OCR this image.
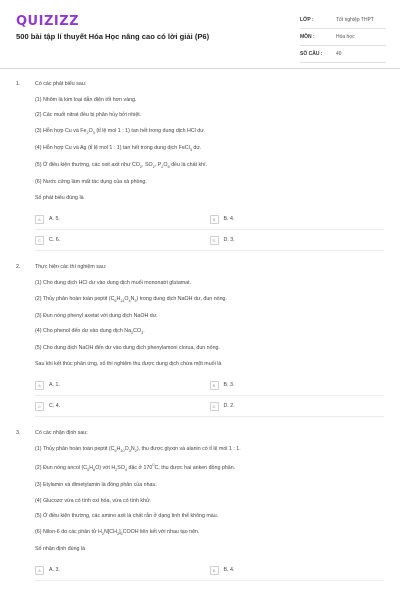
QUIZIZZ
500 bài tập lí thuyết Hóa Học nâng cao có lời giải (P6)
LỚP :	Tốt nghiệp THPT
MÔN :	Hóa học
SỐ CÂU :	40
1.	Có các phát biểu sau:
(1) Nhôm là kim loại dẫn điện tốt hơn vàng.
(2) Các muối nitrat đều bị phân hủy bởi nhiệt.
(3) Hỗn hợp Cu và $Fe_2O_3$ (tỉ lệ mol 1 : 1) tan hết trong dung dịch HCl dư.
(4) Hỗn hợp Cu và Ag (tỉ lệ mol 1 : 1) tan hết trong dung dịch FeCl$_3$ dư.
(5) Ở điều kiện thường, các oxit axit như $CO_2$, $SO_2$, $P_2O_5$ đều là chất khí.
(6) Nước cứng làm mất tác dụng của xà phòng.
Số phát biểu đúng là
A	A. 5.	B	B. 4.
C	C. 6.	D	D. 3.
2.	Thực hiện các thí nghiệm sau:
(1) Cho dung dịch HCl dư vào dung dịch muối mononatri glutamat.
(2) Thủy phân hoàn toàn peptit $(C_6H_{11}O_4N_3)$ trong dung dịch NaOH dư, đun nóng.
(3) Đun nóng phenyl axetat với dung dịch NaOH dư.
(4) Cho phenol đến dư vào dung dịch $Na_2CO_3$.
(5) Cho dung dịch NaOH đến dư vào dung dịch phenylamoni clorua, đun nóng.
Sau khi kết thúc phản ứng, số thí nghiệm thu được dung dịch chứa một muối là
A	A. 1.	B	B. 3.
C	C. 4.	D	D. 2.
3.	Có các nhận định sau:
(1) Thủy phân hoàn toàn peptit $(C_5H_{10}O_3N_2)$, thu được glyxin và alanin có tỉ lệ mol 1 : 1.
(2) Đun nóng ancol $(C_5H_8O)$ với $H_2SO_4$ đặc ở $170^0C$, thu được hai anken đồng phân.
(3) Etylamin và đimetylamin là đồng phân của nhau.
(4) Glucozơ vừa có tính oxi hóa, vừa có tính khử.
(5) Ở điều kiện thường, các amino axit là chất rắn ở dạng tinh thể không màu.
(6) Nilon-6 do các phân tử $H_2N[CH_2]_5COOH$ liên kết với nhau tạo nên.
Số nhận định đúng là
A	A. 3.	B	B. 4.
